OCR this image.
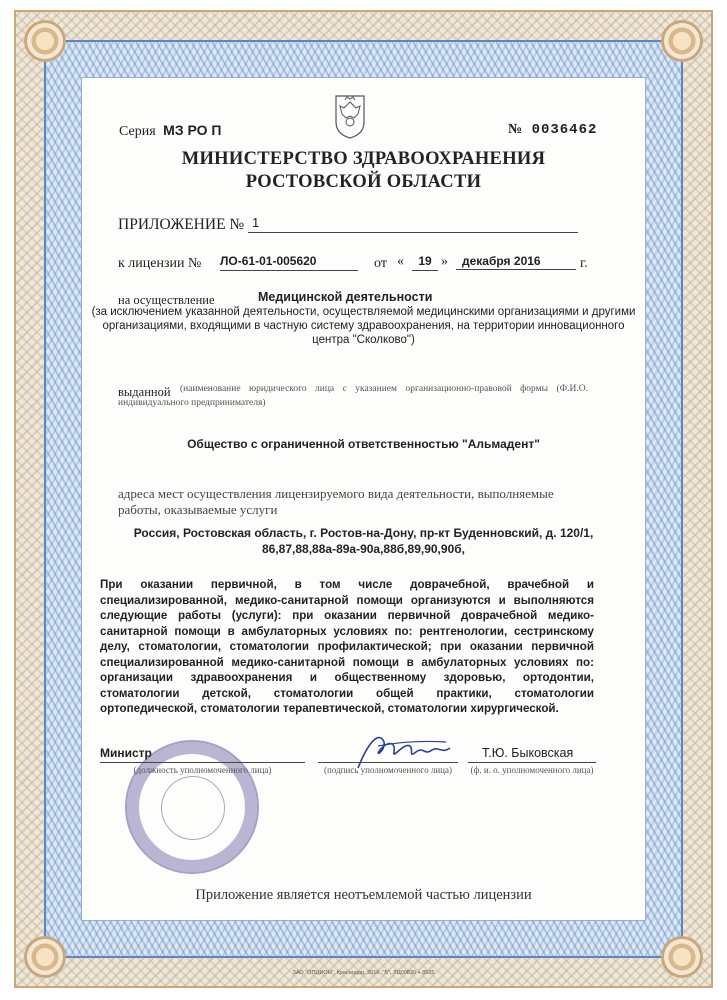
Серия МЗ РО П	№ 0036462
МИНИСТЕРСТВО ЗДРАВООХРАНЕНИЯ
РОСТОВСКОЙ ОБЛАСТИ
ПРИЛОЖЕНИЕ № 1
к лицензии № ЛО-61-01-005620	от «	19 »	декабря 2016	г.
на осуществление	Медицинской деятельности
(за исключением указанной деятельности, осуществляемой медицинскими организациями и другими организациями, входящими в частную систему здравоохранения, на территории инновационного центра "Сколково")
выданной (наименование юридического лица с указанием организационно-правовой формы (Ф.И.О. индивидуального предпринимателя)
Общество с ограниченной ответственностью "Альмадент"
адреса мест осуществления лицензируемого вида деятельности, выполняемые работы, оказываемые услуги
Россия, Ростовская область, г. Ростов-на-Дону, пр-кт Буденновский, д. 120/1,
86,87,88,88а-89а-90а,88б,89,90,90б,
При оказании первичной, в том числе доврачебной, врачебной и специализированной, медико-санитарной помощи организуются и выполняются следующие работы (услуги): при оказании первичной доврачебной медико-санитарной помощи в амбулаторных условиях по: рентгенологии, сестринскому делу, стоматологии, стоматологии профилактической; при оказании первичной специализированной медико-санитарной помощи в амбулаторных условиях по: организации здравоохранения и общественному здоровью, ортодонтии, стоматологии детской, стоматологии общей практики, стоматологии ортопедической, стоматологии терапевтической, стоматологии хирургической.
Министр
(должность уполномоченного лица)	(подпись уполномоченного лица)
Т.Ю. Быковская
(ф. и. о. уполномоченного лица)
Приложение является неотъемлемой частью лицензии
ЗАО "ОПЦИОН", Краснодар, 2016, "Б", ЛЦ00830 + 8525
